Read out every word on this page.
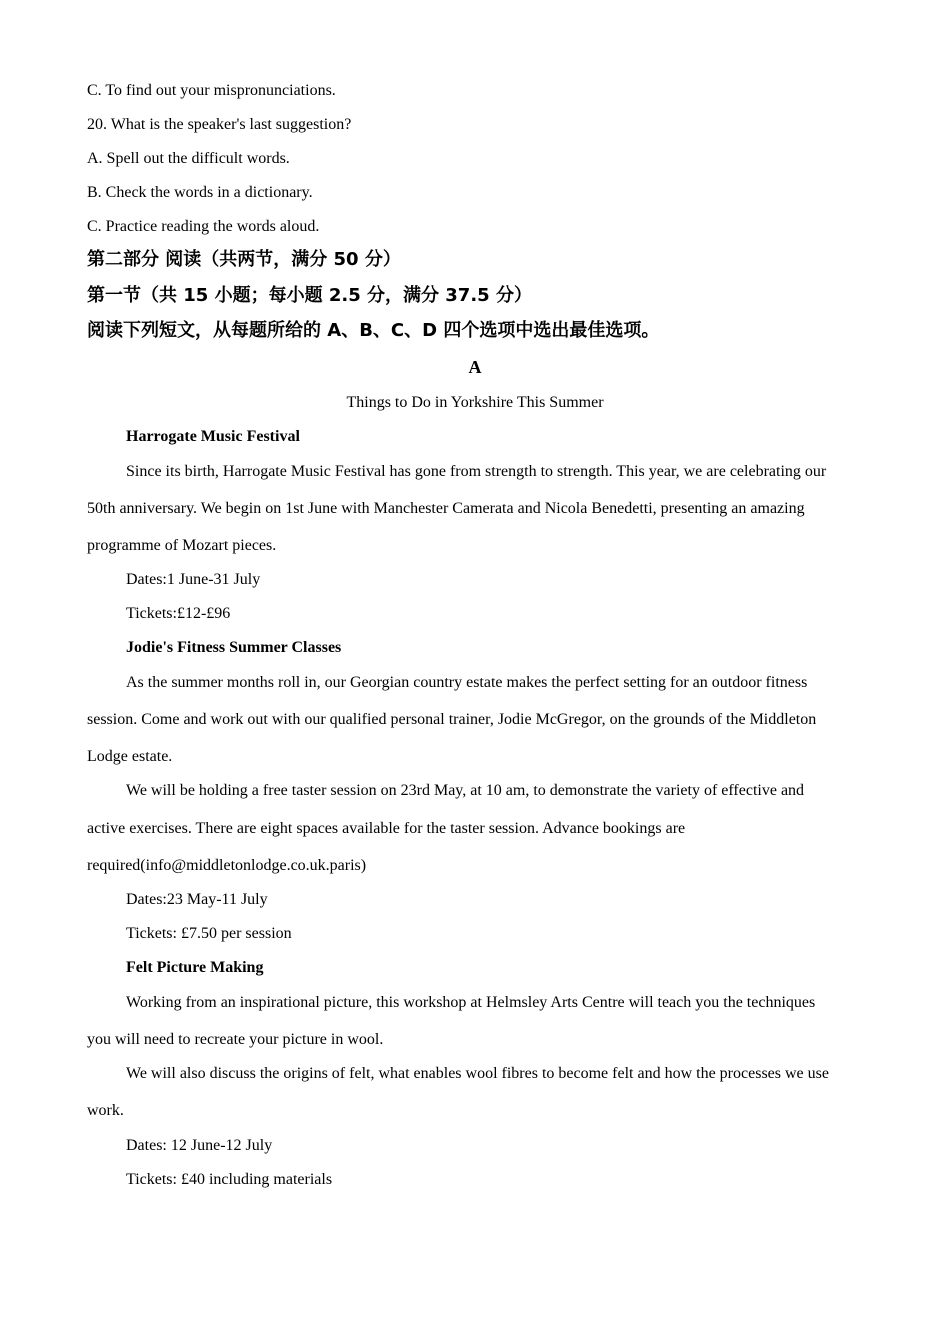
C. To find out your mispronunciations.
20. What is the speaker's last suggestion?
A. Spell out the difficult words.
B. Check the words in a dictionary.
C. Practice reading the words aloud.
第二部分 阅读（共两节，满分 50 分）
第一节（共 15 小题；每小题 2.5 分，满分 37.5 分）
阅读下列短文，从每题所给的 A、B、C、D 四个选项中选出最佳选项。
A
Things to Do in Yorkshire This Summer
Harrogate Music Festival
Since its birth, Harrogate Music Festival has gone from strength to strength. This year, we are celebrating our
50th anniversary. We begin on 1st June with Manchester Camerata and Nicola Benedetti, presenting an amazing
programme of Mozart pieces.
Dates:1 June-31 July
Tickets:£12-£96
Jodie's Fitness Summer Classes
As the summer months roll in, our Georgian country estate makes the perfect setting for an outdoor fitness
session. Come and work out with our qualified personal trainer, Jodie McGregor, on the grounds of the Middleton
Lodge estate.
We will be holding a free taster session on 23rd May, at 10 am, to demonstrate the variety of effective and
active exercises. There are eight spaces available for the taster session. Advance bookings are
required(info@middletonlodge.co.uk.paris)
Dates:23 May-11 July
Tickets: £7.50 per session
Felt Picture Making
Working from an inspirational picture, this workshop at Helmsley Arts Centre will teach you the techniques
you will need to recreate your picture in wool.
We will also discuss the origins of felt, what enables wool fibres to become felt and how the processes we use
work.
Dates: 12 June-12 July
Tickets: £40 including materials
